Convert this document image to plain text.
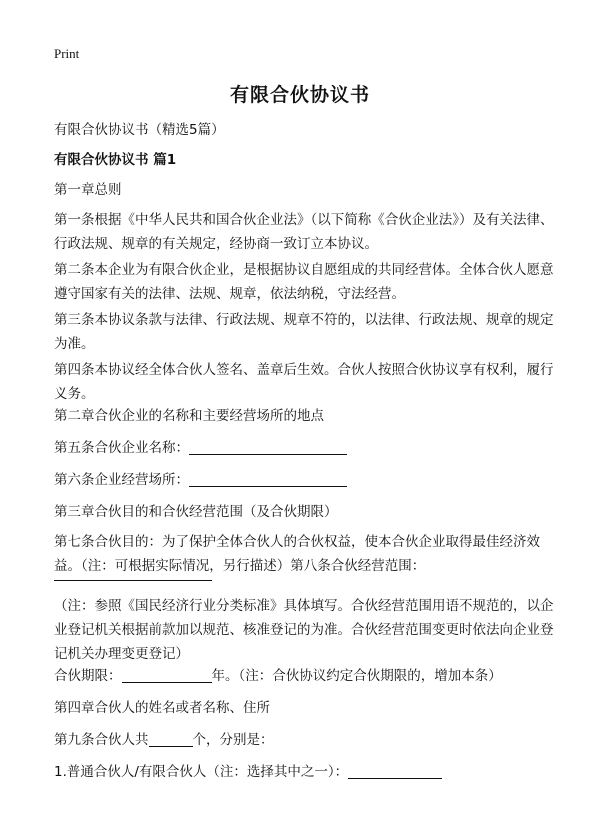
Print
有限合伙协议书
有限合伙协议书（精选5篇）
有限合伙协议书 篇1
第一章总则
第一条根据《中华人民共和国合伙企业法》（以下简称《合伙企业法》）及有关法律、行政法规、规章的有关规定，经协商一致订立本协议。
第二条本企业为有限合伙企业，是根据协议自愿组成的共同经营体。全体合伙人愿意遵守国家有关的法律、法规、规章，依法纳税，守法经营。
第三条本协议条款与法律、行政法规、规章不符的，以法律、行政法规、规章的规定为准。
第四条本协议经全体合伙人签名、盖章后生效。合伙人按照合伙协议享有权利，履行义务。
第二章合伙企业的名称和主要经营场所的地点
第五条合伙企业名称：
第六条企业经营场所：
第三章合伙目的和合伙经营范围（及合伙期限）
第七条合伙目的：为了保护全体合伙人的合伙权益，使本合伙企业取得最佳经济效益。（注：可根据实际情况，另行描述）第八条合伙经营范围：
（注：参照《国民经济行业分类标准》具体填写。合伙经营范围用语不规范的，以企业登记机关根据前款加以规范、核准登记的为准。合伙经营范围变更时依法向企业登记机关办理变更登记）
合伙期限：	年。（注：合伙协议约定合伙期限的，增加本条）
第四章合伙人的姓名或者名称、住所
第九条合伙人共	个，分别是：
1.普通合伙人/有限合伙人（注：选择其中之一）：
